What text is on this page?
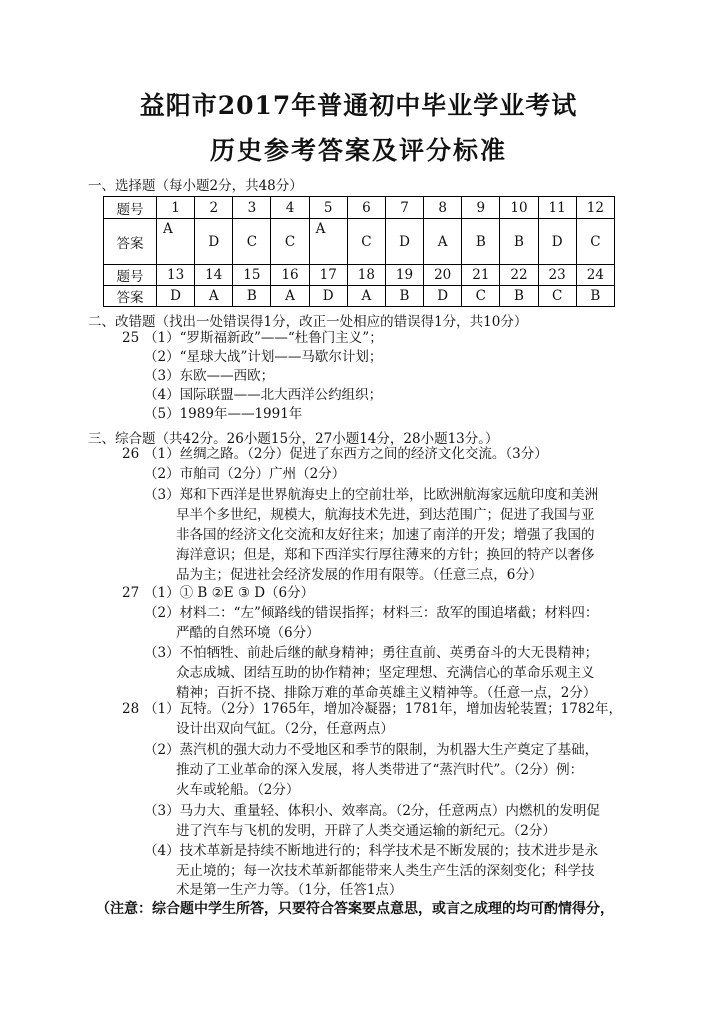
益阳市2017年普通初中毕业学业考试
历史参考答案及评分标准
一、选择题（每小题2分，共48分）
题号	1	2	3	4	5	6	7	8	9	10	11	12
答案	A	D	C	C	A	C	D	A	B	B	D	C
题号	13	14	15	16	17	18	19	20	21	22	23	24
答案	D	A	B	A	D	A	B	D	C	B	C	B
二、改错题（找出一处错误得1分，改正一处相应的错误得1分，共10分）
25 （1）“罗斯福新政”——“杜鲁门主义”；
（2）“星球大战”计划——马歇尔计划；
（3）东欧——西欧；
（4）国际联盟——北大西洋公约组织；
（5）1989年——1991年
三、综合题（共42分。26小题15分，27小题14分，28小题13分。）
26 （1）丝绸之路。（2分）促进了东西方之间的经济文化交流。（3分）
（2）市舶司（2分）广州（2分）
（3）郑和下西洋是世界航海史上的空前壮举，比欧洲航海家远航印度和美洲
早半个多世纪，规模大，航海技术先进，到达范围广；促进了我国与亚
非各国的经济文化交流和友好往来；加速了南洋的开发；增强了我国的
海洋意识；但是，郑和下西洋实行厚往薄来的方针；换回的特产以奢侈
品为主；促进社会经济发展的作用有限等。（任意三点，6分）
27 （1）① B ②E ③ D（6分）
（2）材料二：“左”倾路线的错误指挥；材料三：敌军的围追堵截；材料四：
严酷的自然环境（6分）
（3）不怕牺牲、前赴后继的献身精神；勇往直前、英勇奋斗的大无畏精神；
众志成城、团结互助的协作精神；坚定理想、充满信心的革命乐观主义
精神；百折不挠、排除万难的革命英雄主义精神等。（任意一点，2分）
28 （1）瓦特。（2分）1765年，增加冷凝器；1781年，增加齿轮装置；1782年，
设计出双向气缸。（2分，任意两点）
（2）蒸汽机的强大动力不受地区和季节的限制，为机器大生产奠定了基础，
推动了工业革命的深入发展，将人类带进了“蒸汽时代”。（2分）例：
火车或轮船。（2分）
（3）马力大、重量轻、体积小、效率高。（2分，任意两点）内燃机的发明促
进了汽车与飞机的发明，开辟了人类交通运输的新纪元。（2分）
（4）技术革新是持续不断地进行的；科学技术是不断发展的；技术进步是永
无止境的；每一次技术革新都能带来人类生产生活的深刻变化；科学技
术是第一生产力等。（1分，任答1点）
（注意：综合题中学生所答，只要符合答案要点意思，或言之成理的均可酌情得分，
